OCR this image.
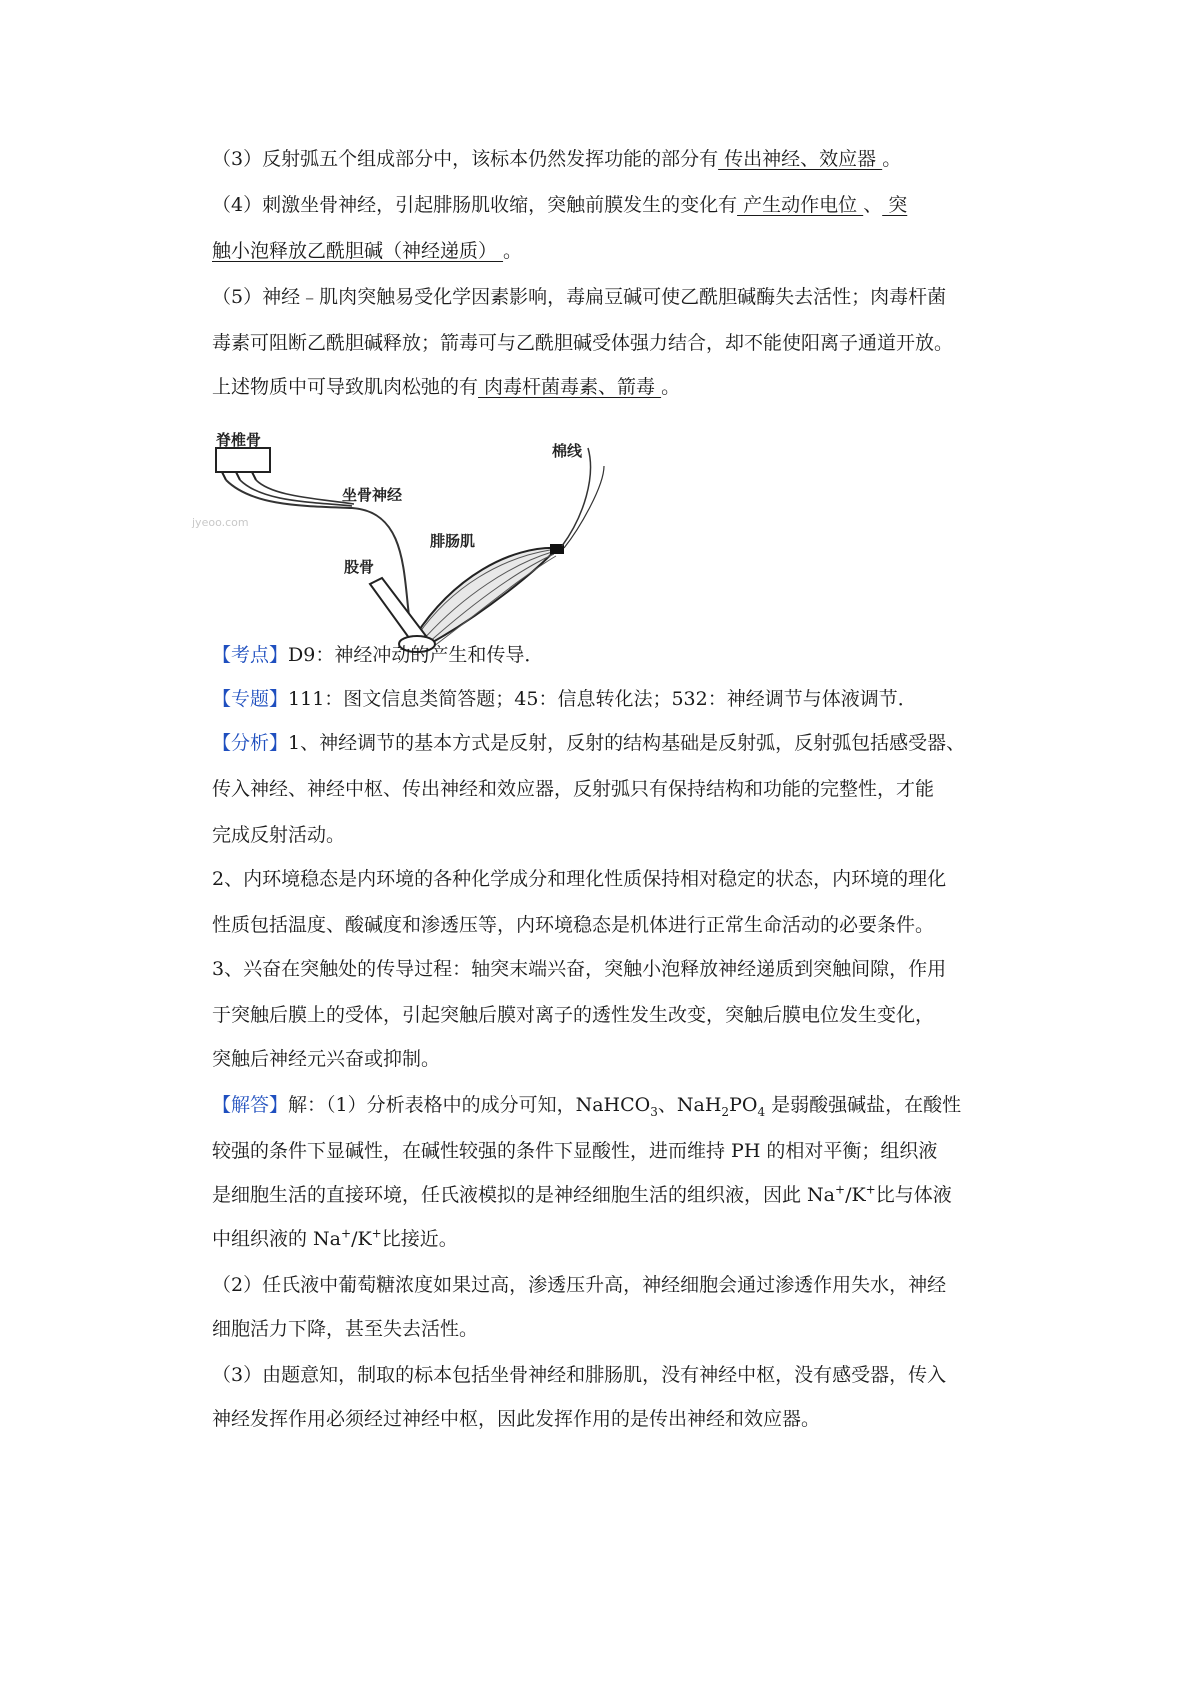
（3）反射弧五个组成部分中，该标本仍然发挥功能的部分有 传出神经、效应器 。
（4）刺激坐骨神经，引起腓肠肌收缩，突触前膜发生的变化有 产生动作电位 、 突
触小泡释放乙酰胆碱（神经递质） 。
（5）神经﹣肌肉突触易受化学因素影响，毒扁豆碱可使乙酰胆碱酶失去活性；肉毒杆菌
毒素可阻断乙酰胆碱释放；箭毒可与乙酰胆碱受体强力结合，却不能使阳离子通道开放。
上述物质中可导致肌肉松弛的有 肉毒杆菌毒素、箭毒 。
脊椎骨
坐骨神经
腓肠肌
棉线
股骨
jyeoo.com
【考点】D9：神经冲动的产生和传导．
【专题】111：图文信息类简答题；45：信息转化法；532：神经调节与体液调节．
【分析】1、神经调节的基本方式是反射，反射的结构基础是反射弧，反射弧包括感受器、
传入神经、神经中枢、传出神经和效应器，反射弧只有保持结构和功能的完整性，才能
完成反射活动。
2、内环境稳态是内环境的各种化学成分和理化性质保持相对稳定的状态，内环境的理化
性质包括温度、酸碱度和渗透压等，内环境稳态是机体进行正常生命活动的必要条件。
3、兴奋在突触处的传导过程：轴突末端兴奋，突触小泡释放神经递质到突触间隙，作用
于突触后膜上的受体，引起突触后膜对离子的透性发生改变，突触后膜电位发生变化，
突触后神经元兴奋或抑制。
【解答】解：（1）分析表格中的成分可知，NaHCO$_3$、$NaH_2PO_4$ 是弱酸强碱盐，在酸性
较强的条件下显碱性，在碱性较强的条件下显酸性，进而维持 PH 的相对平衡；组织液
是细胞生活的直接环境，任氏液模拟的是神经细胞生活的组织液，因此 Na+/K+比与体液
中组织液的 Na+/K+比接近。
（2）任氏液中葡萄糖浓度如果过高，渗透压升高，神经细胞会通过渗透作用失水，神经
细胞活力下降，甚至失去活性。
（3）由题意知，制取的标本包括坐骨神经和腓肠肌，没有神经中枢，没有感受器，传入
神经发挥作用必须经过神经中枢，因此发挥作用的是传出神经和效应器。
